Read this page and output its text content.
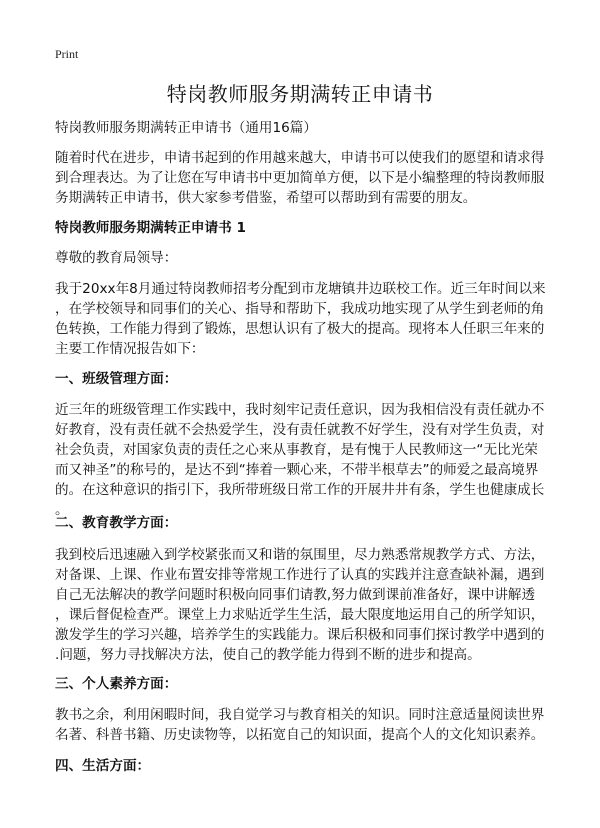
Print
特岗教师服务期满转正申请书
特岗教师服务期满转正申请书（通用16篇）
随着时代在进步，申请书起到的作用越来越大，申请书可以使我们的愿望和请求得
到合理表达。为了让您在写申请书中更加简单方便，以下是小编整理的特岗教师服
务期满转正申请书，供大家参考借鉴，希望可以帮助到有需要的朋友。
特岗教师服务期满转正申请书 1
尊敬的教育局领导：
我于20xx年8月通过特岗教师招考分配到市龙塘镇井边联校工作。近三年时间以来
，在学校领导和同事们的关心、指导和帮助下，我成功地实现了从学生到老师的角
色转换，工作能力得到了锻炼，思想认识有了极大的提高。现将本人任职三年来的
主要工作情况报告如下：
一、班级管理方面：
近三年的班级管理工作实践中，我时刻牢记责任意识，因为我相信没有责任就办不
好教育，没有责任就不会热爱学生，没有责任就教不好学生，没有对学生负责，对
社会负责，对国家负责的责任之心来从事教育，是有愧于人民教师这一“无比光荣
而又神圣”的称号的，是达不到“捧着一颗心来，不带半根草去”的师爱之最高境界
的。在这种意识的指引下，我所带班级日常工作的开展井井有条，学生也健康成长
。
二、教育教学方面：
我到校后迅速融入到学校紧张而又和谐的氛围里，尽力熟悉常规教学方式、方法，
对备课、上课、作业布置安排等常规工作进行了认真的实践并注意查缺补漏，遇到
自己无法解决的教学问题时积极向同事们请教,努力做到课前准备好，课中讲解透
，课后督促检查严。课堂上力求贴近学生生活，最大限度地运用自己的所学知识，
激发学生的学习兴趣，培养学生的实践能力。课后积极和同事们探讨教学中遇到的
.问题，努力寻找解决方法，使自己的教学能力得到不断的进步和提高。
三、个人素养方面：
教书之余，利用闲暇时间，我自觉学习与教育相关的知识。同时注意适量阅读世界
名著、科普书籍、历史读物等，以拓宽自己的知识面，提高个人的文化知识素养。
四、生活方面：
